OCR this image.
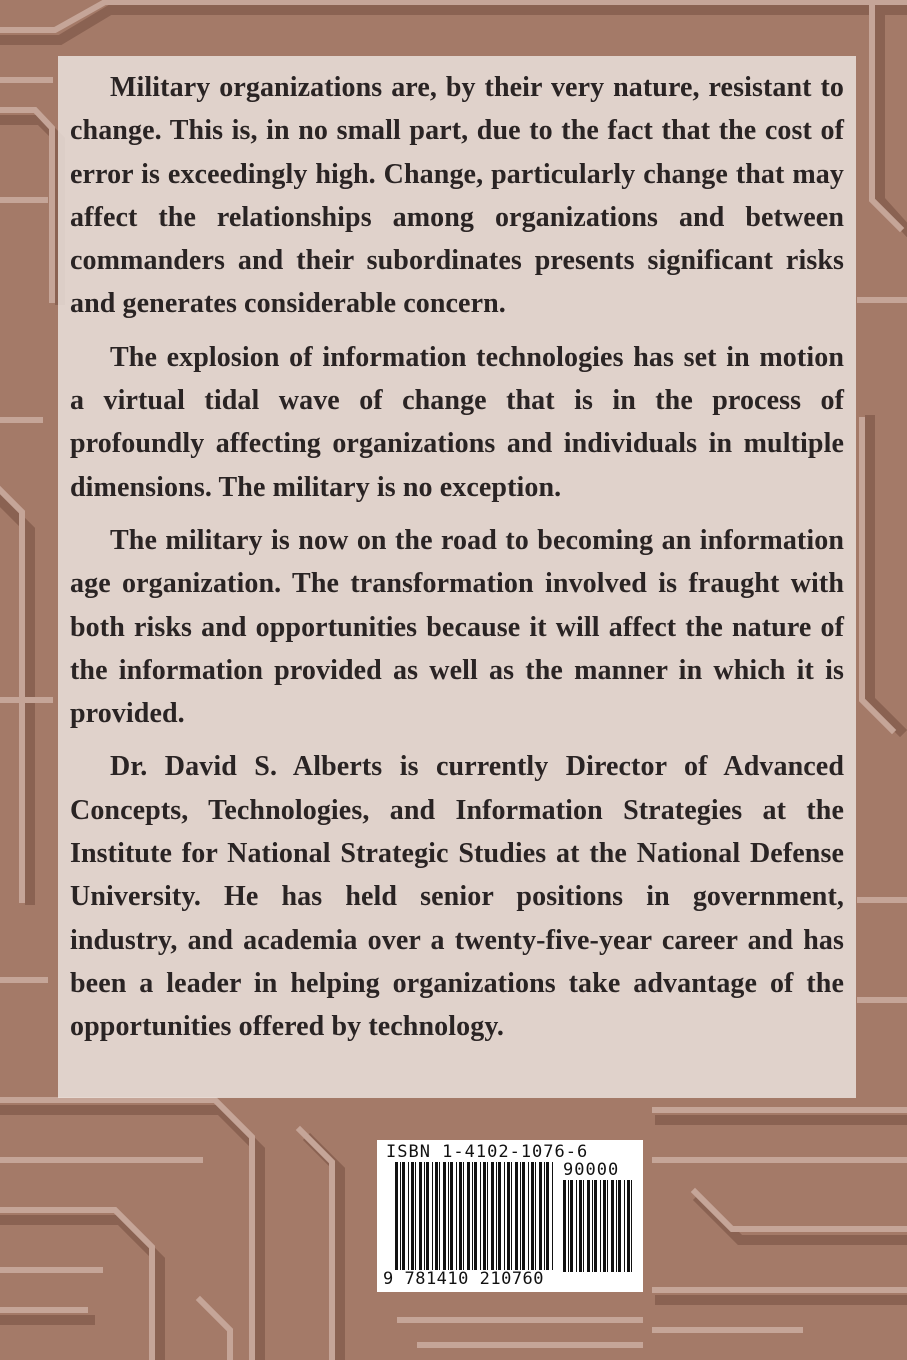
Military organizations are, by their very nature, resistant to change. This is, in no small part, due to the fact that the cost of error is exceedingly high. Change, particularly change that may affect the relationships among organizations and between commanders and their subordinates presents significant risks and generates considerable concern.

The explosion of information technologies has set in motion a virtual tidal wave of change that is in the process of profoundly affecting organizations and individuals in multiple dimensions. The military is no exception.

The military is now on the road to becoming an information age organization. The transformation involved is fraught with both risks and opportunities because it will affect the nature of the information provided as well as the manner in which it is provided.

Dr. David S. Alberts is currently Director of Advanced Concepts, Technologies, and Information Strategies at the Institute for National Strategic Studies at the National Defense University. He has held senior positions in government, industry, and academia over a twenty-five-year career and has been a leader in helping organizations take advantage of the opportunities offered by technology.

ISBN 1-4102-1076-6
90000
9 781410 210760
